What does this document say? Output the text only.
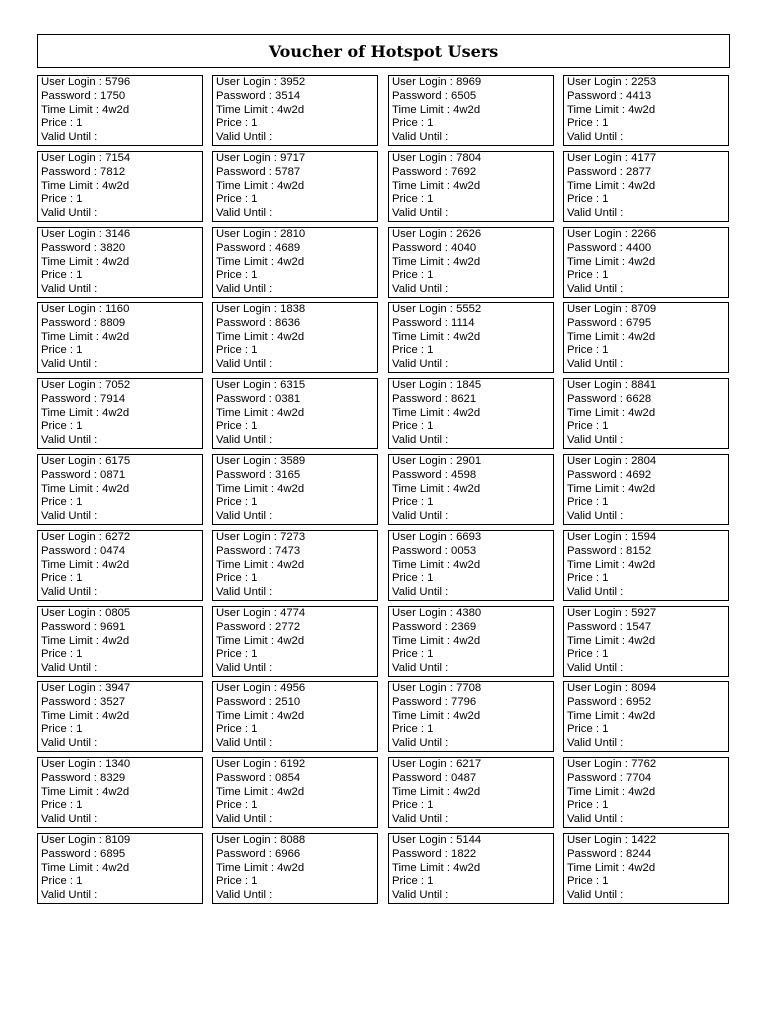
Voucher of Hotspot Users
User Login : 5796
Password : 1750
Time Limit : 4w2d
Price : 1
Valid Until :
User Login : 3952
Password : 3514
Time Limit : 4w2d
Price : 1
Valid Until :
User Login : 8969
Password : 6505
Time Limit : 4w2d
Price : 1
Valid Until :
User Login : 2253
Password : 4413
Time Limit : 4w2d
Price : 1
Valid Until :
User Login : 7154
Password : 7812
Time Limit : 4w2d
Price : 1
Valid Until :
User Login : 9717
Password : 5787
Time Limit : 4w2d
Price : 1
Valid Until :
User Login : 7804
Password : 7692
Time Limit : 4w2d
Price : 1
Valid Until :
User Login : 4177
Password : 2877
Time Limit : 4w2d
Price : 1
Valid Until :
User Login : 3146
Password : 3820
Time Limit : 4w2d
Price : 1
Valid Until :
User Login : 2810
Password : 4689
Time Limit : 4w2d
Price : 1
Valid Until :
User Login : 2626
Password : 4040
Time Limit : 4w2d
Price : 1
Valid Until :
User Login : 2266
Password : 4400
Time Limit : 4w2d
Price : 1
Valid Until :
User Login : 1160
Password : 8809
Time Limit : 4w2d
Price : 1
Valid Until :
User Login : 1838
Password : 8636
Time Limit : 4w2d
Price : 1
Valid Until :
User Login : 5552
Password : 1114
Time Limit : 4w2d
Price : 1
Valid Until :
User Login : 8709
Password : 6795
Time Limit : 4w2d
Price : 1
Valid Until :
User Login : 7052
Password : 7914
Time Limit : 4w2d
Price : 1
Valid Until :
User Login : 6315
Password : 0381
Time Limit : 4w2d
Price : 1
Valid Until :
User Login : 1845
Password : 8621
Time Limit : 4w2d
Price : 1
Valid Until :
User Login : 8841
Password : 6628
Time Limit : 4w2d
Price : 1
Valid Until :
User Login : 6175
Password : 0871
Time Limit : 4w2d
Price : 1
Valid Until :
User Login : 3589
Password : 3165
Time Limit : 4w2d
Price : 1
Valid Until :
User Login : 2901
Password : 4598
Time Limit : 4w2d
Price : 1
Valid Until :
User Login : 2804
Password : 4692
Time Limit : 4w2d
Price : 1
Valid Until :
User Login : 6272
Password : 0474
Time Limit : 4w2d
Price : 1
Valid Until :
User Login : 7273
Password : 7473
Time Limit : 4w2d
Price : 1
Valid Until :
User Login : 6693
Password : 0053
Time Limit : 4w2d
Price : 1
Valid Until :
User Login : 1594
Password : 8152
Time Limit : 4w2d
Price : 1
Valid Until :
User Login : 0805
Password : 9691
Time Limit : 4w2d
Price : 1
Valid Until :
User Login : 4774
Password : 2772
Time Limit : 4w2d
Price : 1
Valid Until :
User Login : 4380
Password : 2369
Time Limit : 4w2d
Price : 1
Valid Until :
User Login : 5927
Password : 1547
Time Limit : 4w2d
Price : 1
Valid Until :
User Login : 3947
Password : 3527
Time Limit : 4w2d
Price : 1
Valid Until :
User Login : 4956
Password : 2510
Time Limit : 4w2d
Price : 1
Valid Until :
User Login : 7708
Password : 7796
Time Limit : 4w2d
Price : 1
Valid Until :
User Login : 8094
Password : 6952
Time Limit : 4w2d
Price : 1
Valid Until :
User Login : 1340
Password : 8329
Time Limit : 4w2d
Price : 1
Valid Until :
User Login : 6192
Password : 0854
Time Limit : 4w2d
Price : 1
Valid Until :
User Login : 6217
Password : 0487
Time Limit : 4w2d
Price : 1
Valid Until :
User Login : 7762
Password : 7704
Time Limit : 4w2d
Price : 1
Valid Until :
User Login : 8109
Password : 6895
Time Limit : 4w2d
Price : 1
Valid Until :
User Login : 8088
Password : 6966
Time Limit : 4w2d
Price : 1
Valid Until :
User Login : 5144
Password : 1822
Time Limit : 4w2d
Price : 1
Valid Until :
User Login : 1422
Password : 8244
Time Limit : 4w2d
Price : 1
Valid Until :
